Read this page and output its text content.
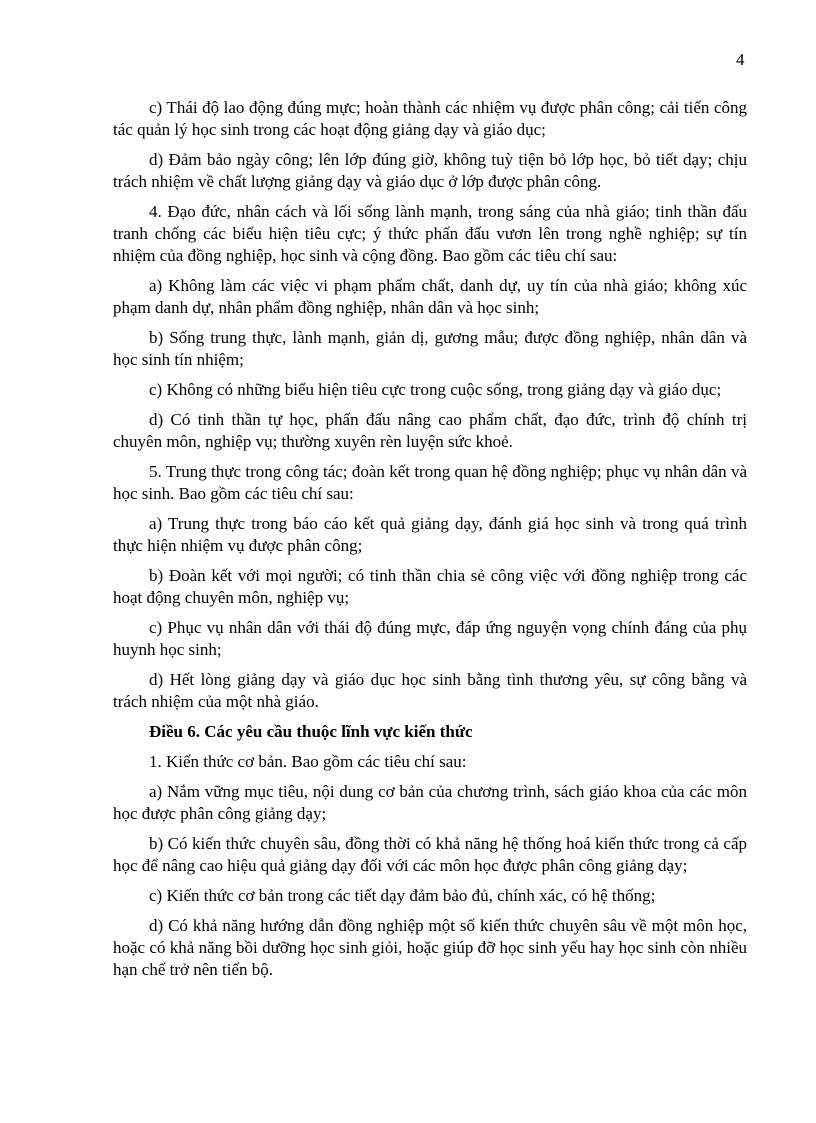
4

c) Thái độ lao động đúng mực; hoàn thành các nhiệm vụ được phân công; cải tiến công tác quản lý học sinh trong các hoạt động giảng dạy và giáo dục;

d) Đảm bảo ngày công; lên lớp đúng giờ, không tuỳ tiện bỏ lớp học, bỏ tiết dạy; chịu trách nhiệm về chất lượng giảng dạy và giáo dục ở lớp được phân công.

4. Đạo đức, nhân cách và lối sống lành mạnh, trong sáng của nhà giáo; tinh thần đấu tranh chống các biểu hiện tiêu cực; ý thức phấn đấu vươn lên trong nghề nghiệp; sự tín nhiệm của đồng nghiệp, học sinh và cộng đồng. Bao gồm các tiêu chí sau:

a) Không làm các việc vi phạm phẩm chất, danh dự, uy tín của nhà giáo; không xúc phạm danh dự, nhân phẩm đồng nghiệp, nhân dân và học sinh;

b) Sống trung thực, lành mạnh, giản dị, gương mẫu; được đồng nghiệp, nhân dân và học sinh tín nhiệm;

c) Không có những biểu hiện tiêu cực trong cuộc sống, trong giảng dạy và giáo dục;

d) Có tinh thần tự học, phấn đấu nâng cao phẩm chất, đạo đức, trình độ chính trị chuyên môn, nghiệp vụ; thường xuyên rèn luyện sức khoẻ.

5. Trung thực trong công tác; đoàn kết trong quan hệ đồng nghiệp; phục vụ nhân dân và học sinh. Bao gồm các tiêu chí sau:

a) Trung thực trong báo cáo kết quả giảng dạy, đánh giá học sinh và trong quá trình thực hiện nhiệm vụ được phân công;

b) Đoàn kết với mọi người; có tinh thần chia sẻ công việc với đồng nghiệp trong các hoạt động chuyên môn, nghiệp vụ;

c) Phục vụ nhân dân với thái độ đúng mực, đáp ứng nguyện vọng chính đáng của phụ huynh học sinh;

d) Hết lòng giảng dạy và giáo dục học sinh bằng tình thương yêu, sự công bằng và trách nhiệm của một nhà giáo.

Điều 6. Các yêu cầu thuộc lĩnh vực kiến thức

1. Kiến thức cơ bản. Bao gồm các tiêu chí sau:

a) Nắm vững mục tiêu, nội dung cơ bản của chương trình, sách giáo khoa của các môn học được phân công giảng dạy;

b) Có kiến thức chuyên sâu, đồng thời có khả năng hệ thống hoá kiến thức trong cả cấp học để nâng cao hiệu quả giảng dạy đối với các môn học được phân công giảng dạy;

c) Kiến thức cơ bản trong các tiết dạy đảm bảo đủ, chính xác, có hệ thống;

d) Có khả năng hướng dẫn đồng nghiệp một số kiến thức chuyên sâu về một môn học, hoặc có khả năng bồi dưỡng học sinh giỏi, hoặc giúp đỡ học sinh yếu hay học sinh còn nhiều hạn chế trở nên tiến bộ.
